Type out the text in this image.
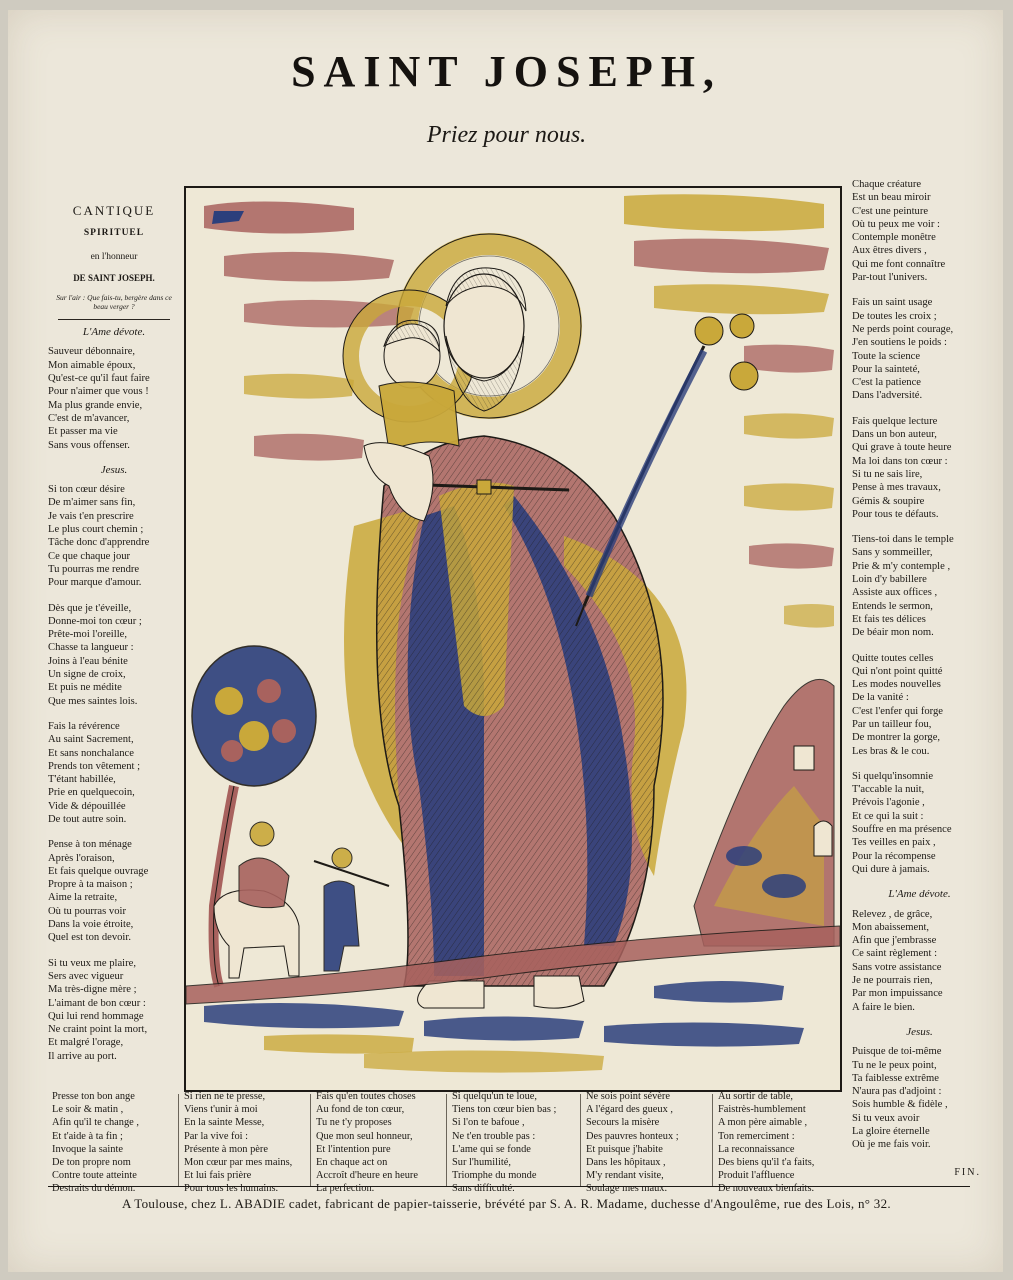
SAINT JOSEPH,
Priez pour nous.
CANTIQUE
SPIRITUEL
en l'honneur
DE SAINT JOSEPH.
Sur l'air : Que fais-tu, bergère dans ce beau verger ?
L'Ame dévote.
Sauveur débonnaire,
Mon aimable époux,
Qu'est-ce qu'il faut faire
Pour n'aimer que vous !
Ma plus grande envie,
C'est de m'avancer,
Et passer ma vie
Sans vous offenser.
Jesus.
Si ton cœur désire
De m'aimer sans fin,
Je vais t'en prescrire
Le plus court chemin ;
Tâche donc d'apprendre
Ce que chaque jour
Tu pourras me rendre
Pour marque d'amour.
Dès que je t'éveille,
Donne-moi ton cœur ;
Prête-moi l'oreille,
Chasse ta langueur :
Joins à l'eau bénite
Un signe de croix,
Et puis ne médite
Que mes saintes lois.
Fais la révérence
Au saint Sacrement,
Et sans nonchalance
Prends ton vêtement ;
T'étant habillée,
Prie en quelquecoin,
Vide & dépouillée
De tout autre soin.
Pense à ton ménage
Après l'oraison,
Et fais quelque ouvrage
Propre à ta maison ;
Aime la retraite,
Où tu pourras voir
Dans la voie étroite,
Quel est ton devoir.
Si tu veux me plaire,
Sers avec vigueur
Ma très-digne mère ;
L'aimant de bon cœur :
Qui lui rend hommage
Ne craint point la mort,
Et malgré l'orage,
Il arrive au port.
Chaque créature
Est un beau miroir
C'est une peinture
Où tu peux me voir :
Contemple monêtre
Aux êtres divers ,
Qui me font connaître
Par-tout l'univers.
Fais un saint usage
De toutes les croix ;
Ne perds point courage,
J'en soutiens le poids :
Toute la science
Pour la sainteté,
C'est la patience
Dans l'adversité.
Fais quelque lecture
Dans un bon auteur,
Qui grave à toute heure
Ma loi dans ton cœur :
Si tu ne sais lire,
Pense à mes travaux,
Gémis & soupire
Pour tous te défauts.
Tiens-toi dans le temple
Sans y sommeiller,
Prie & m'y contemple ,
Loin d'y babillere
Assiste aux offices ,
Entends le sermon,
Et fais tes délices
De béair mon nom.
Quitte toutes celles
Qui n'ont point quitté
Les modes nouvelles
De la vanité :
C'est l'enfer qui forge
Par un tailleur fou,
De montrer la gorge,
Les bras & le cou.
Si quelqu'insomnie
T'accable la nuit,
Prévois l'agonie ,
Et ce qui la suit :
Souffre en ma présence
Tes veilles en paix ,
Pour la récompense
Qui dure à jamais.
L'Ame dévote.
Relevez , de grâce,
Mon abaissement,
Afin que j'embrasse
Ce saint règlement :
Sans votre assistance
Je ne pourrais rien,
Par mon impuissance
A faire le bien.
Jesus.
Puisque de toi-même
Tu ne le peux point,
Ta faiblesse extrême
N'aura pas d'adjoint :
Sois humble & fidèle ,
Si tu veux avoir
La gloire éternelle
Où je me fais voir.
FIN.
Presse ton bon ange
Le soir & matin ,
Afin qu'il te change ,
Et t'aide à ta fin ;
Invoque la sainte
De ton propre nom
Contre toute atteinte
Destraits du démon.
Si rien ne te presse,
Viens t'unir à moi
En la sainte Messe,
Par la vive foi :
Présente à mon père
Mon cœur par mes mains,
Et lui fais prière
Pour tous les humains.
Fais qu'en toutes choses
Au fond de ton cœur,
Tu ne t'y proposes
Que mon seul honneur,
Et l'intention pure
En chaque act on
Accroît d'heure en heure
La perfection.
Si quelqu'un te loue,
Tiens ton cœur bien bas ;
Si l'on te bafoue ,
Ne t'en trouble pas :
L'ame qui se fonde
Sur l'humilité,
Triomphe du monde
Sans difficulté.
Ne sois point sévère
A l'égard des gueux ,
Secours la misère
Des pauvres honteux ;
Et puisque j'habite
Dans les hôpitaux ,
M'y rendant visite,
Soulage mes maux.
Au sortir de table,
Faistrès-humblement
A mon père aimable ,
Ton remerciment :
La reconnaissance
Des biens qu'il t'a faits,
Produit l'affluence
De nouveaux bienfaits.
A Toulouse, chez L. ABADIE cadet, fabricant de papier-taisserie, brévété par S. A. R. Madame, duchesse d'Angoulême, rue des Lois, n° 32.
